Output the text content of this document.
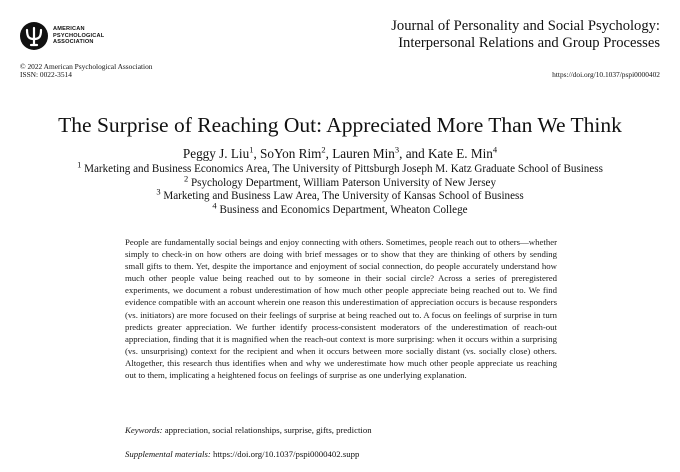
AMERICAN
PSYCHOLOGICAL
ASSOCIATION
Journal of Personality and Social Psychology:
Interpersonal Relations and Group Processes
© 2022 American Psychological Association
ISSN: 0022-3514	https://doi.org/10.1037/pspi0000402
The Surprise of Reaching Out: Appreciated More Than We Think
Peggy J. Liu$^1$, SoYon Rim$^2$, Lauren Min$^3$, and Kate E. Min$^4$
$^1$ Marketing and Business Economics Area, The University of Pittsburgh Joseph M. Katz Graduate School of Business
$^2$ Psychology Department, William Paterson University of New Jersey
$^3$ Marketing and Business Law Area, The University of Kansas School of Business
$^4$ Business and Economics Department, Wheaton College
People are fundamentally social beings and enjoy connecting with others. Sometimes, people reach out to others—whether simply to check-in on how others are doing with brief messages or to show that they are thinking of others by sending small gifts to them. Yet, despite the importance and enjoyment of social connection, do people accurately understand how much other people value being reached out to by someone in their social circle? Across a series of preregistered experiments, we document a robust underestimation of how much other people appreciate being reached out to. We find evidence compatible with an account wherein one reason this underestimation of appreciation occurs is because responders (vs. initiators) are more focused on their feelings of surprise at being reached out to. A focus on feelings of surprise in turn predicts greater appreciation. We further identify process-consistent moderators of the underestimation of reach-out appreciation, finding that it is magnified when the reach-out context is more surprising: when it occurs within a surprising (vs. unsurprising) context for the recipient and when it occurs between more socially distant (vs. socially close) others. Altogether, this research thus identifies when and why we underestimate how much other people appreciate us reaching out to them, implicating a heightened focus on feelings of surprise as one underlying explanation.
Keywords: appreciation, social relationships, surprise, gifts, prediction
Supplemental materials: https://doi.org/10.1037/pspi0000402.supp
